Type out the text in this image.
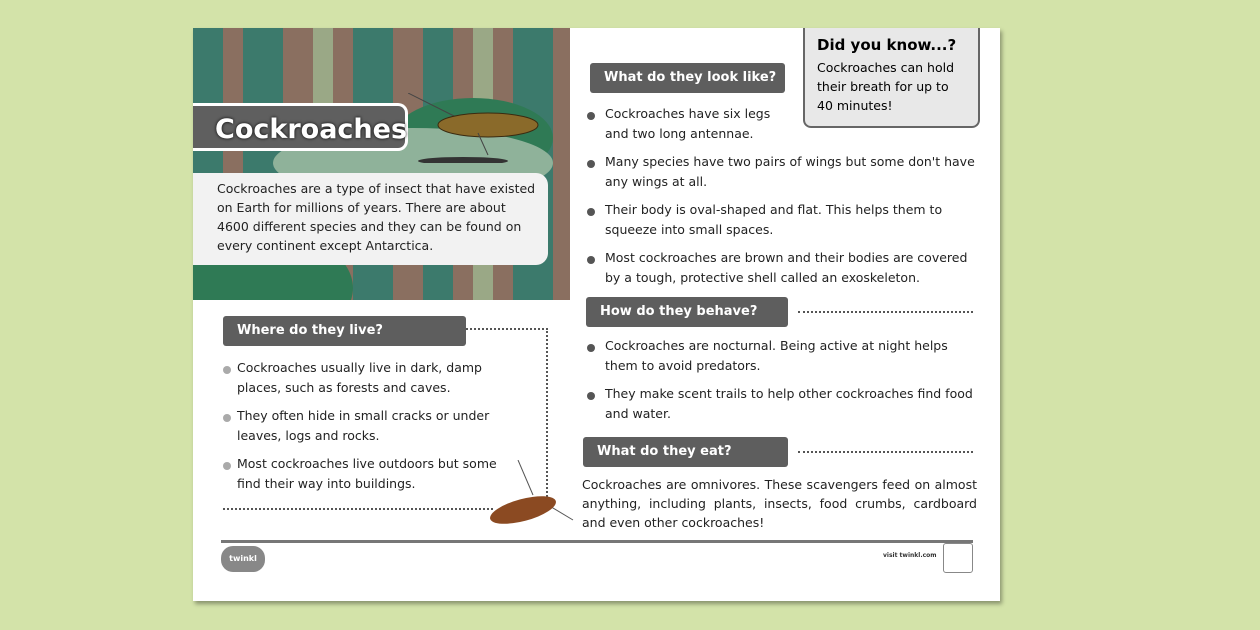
Cockroaches
Cockroaches are a type of insect that have existed on Earth for millions of years. There are about 4600 different species and they can be found on every continent except Antarctica.
Did you know...?

Cockroaches can hold their breath for up to 40 minutes!

What do they look like?
Cockroaches have six legs and two long antennae.
Many species have two pairs of wings but some don't have any wings at all.
Their body is oval-shaped and flat. This helps them to squeeze into small spaces.
Most cockroaches are brown and their bodies are covered by a tough, protective shell called an exoskeleton.
How do they behave?
Cockroaches are nocturnal. Being active at night helps them to avoid predators.
They make scent trails to help other cockroaches find food and water.
What do they eat?
Cockroaches are omnivores. These scavengers feed on almost anything, including plants, insects, food crumbs, cardboard and even other cockroaches!
Where do they live?
Cockroaches usually live in dark, damp places, such as forests and caves.
They often hide in small cracks or under leaves, logs and rocks.
Most cockroaches live outdoors but some find their way into buildings.
twinkl	visit twinkl.com
